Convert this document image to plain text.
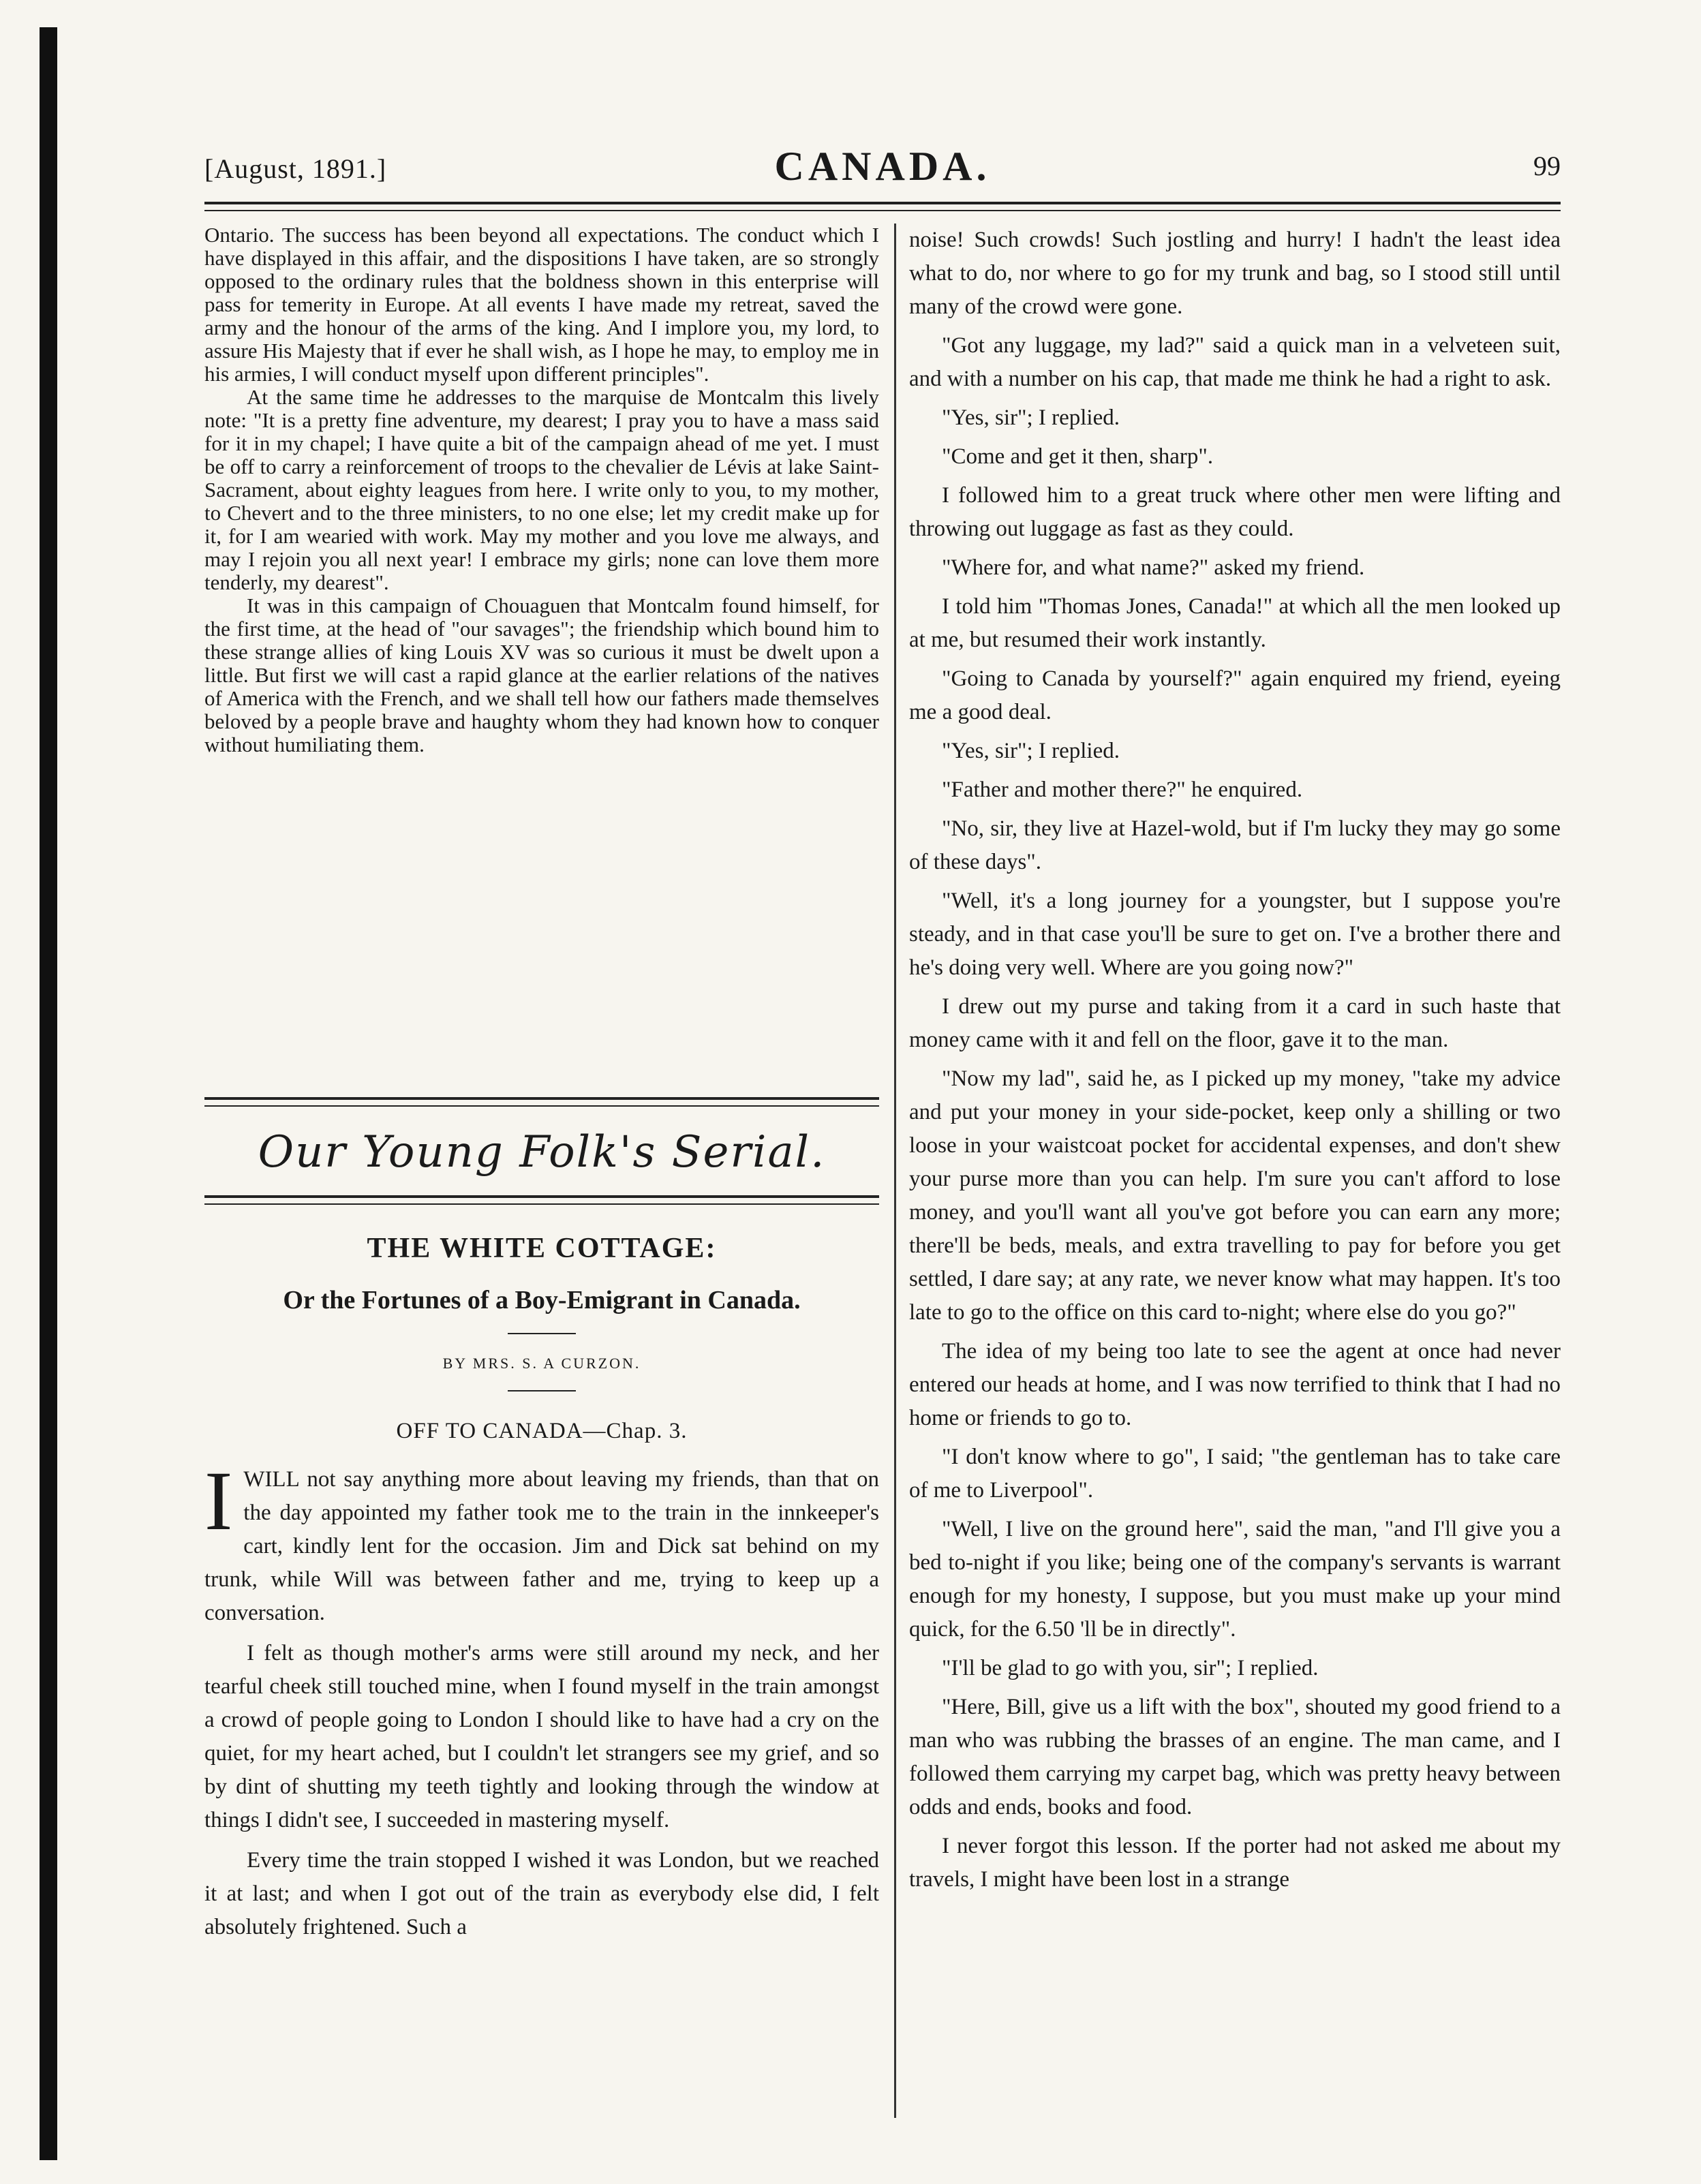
[August, 1891.]	CANADA.	99

Ontario. The success has been beyond all expectations. The conduct which I have displayed in this affair, and the dispositions I have taken, are so strongly opposed to the ordinary rules that the boldness shown in this enterprise will pass for temerity in Europe. At all events I have made my retreat, saved the army and the honour of the arms of the king. And I implore you, my lord, to assure His Majesty that if ever he shall wish, as I hope he may, to employ me in his armies, I will conduct myself upon different principles".

At the same time he addresses to the marquise de Montcalm this lively note: "It is a pretty fine adventure, my dearest; I pray you to have a mass said for it in my chapel; I have quite a bit of the campaign ahead of me yet. I must be off to carry a reinforcement of troops to the chevalier de Lévis at lake Saint-Sacrament, about eighty leagues from here. I write only to you, to my mother, to Chevert and to the three ministers, to no one else; let my credit make up for it, for I am wearied with work. May my mother and you love me always, and may I rejoin you all next year! I embrace my girls; none can love them more tenderly, my dearest".

It was in this campaign of Chouaguen that Montcalm found himself, for the first time, at the head of "our savages"; the friendship which bound him to these strange allies of king Louis XV was so curious it must be dwelt upon a little. But first we will cast a rapid glance at the earlier relations of the natives of America with the French, and we shall tell how our fathers made themselves beloved by a people brave and haughty whom they had known how to conquer without humiliating them.

Our Young Folk's Serial.
THE WHITE COTTAGE:
Or the Fortunes of a Boy-Emigrant in Canada.
BY MRS. S. A CURZON.
OFF TO CANADA—Chap. 3.

IWILL not say anything more about leaving my friends, than that on the day appointed my father took me to the train in the innkeeper's cart, kindly lent for the occasion. Jim and Dick sat behind on my trunk, while Will was between father and me, trying to keep up a conversation.

I felt as though mother's arms were still around my neck, and her tearful cheek still touched mine, when I found myself in the train amongst a crowd of people going to London I should like to have had a cry on the quiet, for my heart ached, but I couldn't let strangers see my grief, and so by dint of shutting my teeth tightly and looking through the window at things I didn't see, I succeeded in mastering myself.

Every time the train stopped I wished it was London, but we reached it at last; and when I got out of the train as everybody else did, I felt absolutely frightened. Such a

noise! Such crowds! Such jostling and hurry! I hadn't the least idea what to do, nor where to go for my trunk and bag, so I stood still until many of the crowd were gone.

"Got any luggage, my lad?" said a quick man in a velveteen suit, and with a number on his cap, that made me think he had a right to ask.

"Yes, sir"; I replied.

"Come and get it then, sharp".

I followed him to a great truck where other men were lifting and throwing out luggage as fast as they could.

"Where for, and what name?" asked my friend.

I told him "Thomas Jones, Canada!" at which all the men looked up at me, but resumed their work instantly.

"Going to Canada by yourself?" again enquired my friend, eyeing me a good deal.

"Yes, sir"; I replied.

"Father and mother there?" he enquired.

"No, sir, they live at Hazel-wold, but if I'm lucky they may go some of these days".

"Well, it's a long journey for a youngster, but I suppose you're steady, and in that case you'll be sure to get on. I've a brother there and he's doing very well. Where are you going now?"

I drew out my purse and taking from it a card in such haste that money came with it and fell on the floor, gave it to the man.

"Now my lad", said he, as I picked up my money, "take my advice and put your money in your side-pocket, keep only a shilling or two loose in your waistcoat pocket for accidental expenses, and don't shew your purse more than you can help. I'm sure you can't afford to lose money, and you'll want all you've got before you can earn any more; there'll be beds, meals, and extra travelling to pay for before you get settled, I dare say; at any rate, we never know what may happen. It's too late to go to the office on this card to-night; where else do you go?"

The idea of my being too late to see the agent at once had never entered our heads at home, and I was now terrified to think that I had no home or friends to go to.

"I don't know where to go", I said; "the gentleman has to take care of me to Liverpool".

"Well, I live on the ground here", said the man, "and I'll give you a bed to-night if you like; being one of the company's servants is warrant enough for my honesty, I suppose, but you must make up your mind quick, for the 6.50 'll be in directly".

"I'll be glad to go with you, sir"; I replied.

"Here, Bill, give us a lift with the box", shouted my good friend to a man who was rubbing the brasses of an engine. The man came, and I followed them carrying my carpet bag, which was pretty heavy between odds and ends, books and food.

I never forgot this lesson. If the porter had not asked me about my travels, I might have been lost in a strange
